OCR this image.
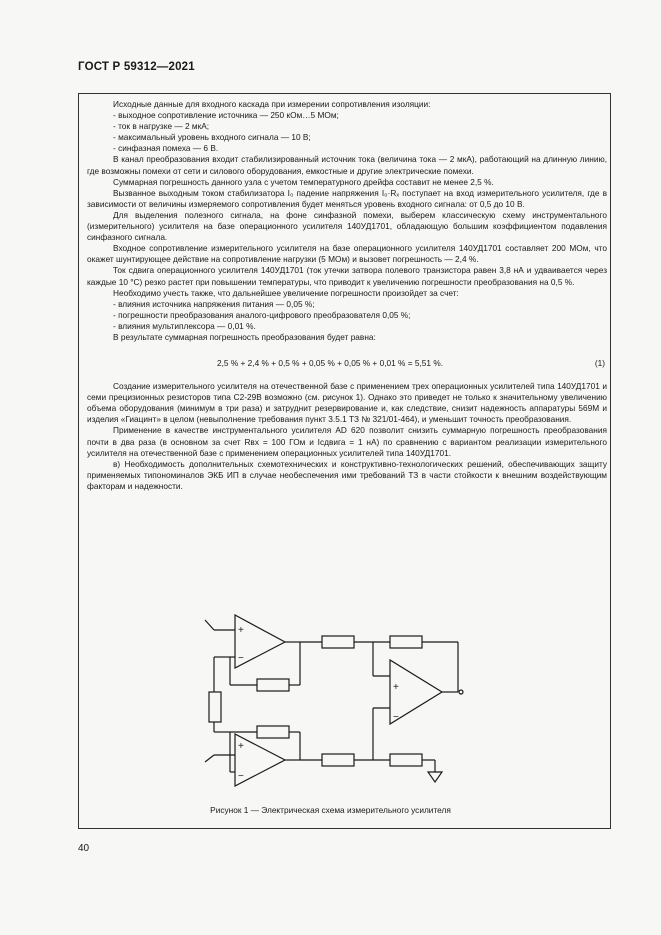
ГОСТ Р 59312—2021

Исходные данные для входного каскада при измерении сопротивления изоляции:

- выходное сопротивление источника — 250 кОм…5 МОм;

- ток в нагрузке — 2 мкА;

- максимальный уровень входного сигнала — 10 В;

- синфазная помеха — 6 В.

В канал преобразования входит стабилизированный источник тока (величина тока — 2 мкА), работающий на длинную линию, где возможны помехи от сети и силового оборудования, емкостные и другие электрические помехи.

Суммарная погрешность данного узла с учетом температурного дрейфа составит не менее 2,5 %.

Вызванное выходным током стабилизатора I₀ падение напряжения I₀·Rₓ поступает на вход измерительного усилителя, где в зависимости от величины измеряемого сопротивления будет меняться уровень входного сигнала: от 0,5 до 10 В.

Для выделения полезного сигнала, на фоне синфазной помехи, выберем классическую схему инструментального (измерительного) усилителя на базе операционного усилителя 140УД1701, обладающую большим коэффициентом подавления синфазного сигнала.

Входное сопротивление измерительного усилителя на базе операционного усилителя 140УД1701 составляет 200 МОм, что окажет шунтирующее действие на сопротивление нагрузки (5 МОм) и вызовет погрешность — 2,4 %.

Ток сдвига операционного усилителя 140УД1701 (ток утечки затвора полевого транзистора равен 3,8 нА и удваивается через каждые 10 °С) резко растет при повышении температуры, что приводит к увеличению погрешности преобразования на 0,5 %.

Необходимо учесть также, что дальнейшее увеличение погрешности произойдет за счет:

- влияния источника напряжения питания — 0,05 %;

- погрешности преобразования аналого-цифрового преобразователя 0,05 %;

- влияния мультиплексора — 0,01 %.

В результате суммарная погрешность преобразования будет равна:

2,5 % + 2,4 % + 0,5 % + 0,05 % + 0,05 % + 0,01 % = 5,51 %.	(1)

Создание измерительного усилителя на отечественной базе с применением трех операционных усилителей типа 140УД1701 и семи прецизионных резисторов типа С2-29В возможно (см. рисунок 1). Однако это приведет не только к значительному увеличению объема оборудования (минимум в три раза) и затруднит резервирование и, как следствие, снизит надежность аппаратуры 569М и изделия «Гиацинт» в целом (невыполнение требования пункт 3.5.1 ТЗ № 321/01-464), и уменьшит точность преобразования.

Применение в качестве инструментального усилителя AD 620 позволит снизить суммарную погрешность преобразования почти в два раза (в основном за счет Rвх = 100 ГОм и Iсдвига = 1 нА) по сравнению с вариантом реализации измерительного усилителя на отечественной базе с применением операционных усилителей типа 140УД1701.

в) Необходимость дополнительных схемотехнических и конструктивно-технологических решений, обеспечивающих защиту применяемых типономиналов ЭКБ ИП в случае необеспечения ими требований ТЗ в части стойкости к внешним воздействующим факторам и надежности.

+
−
+
−
+
−
Рисунок 1 — Электрическая схема измерительного усилителя
40
